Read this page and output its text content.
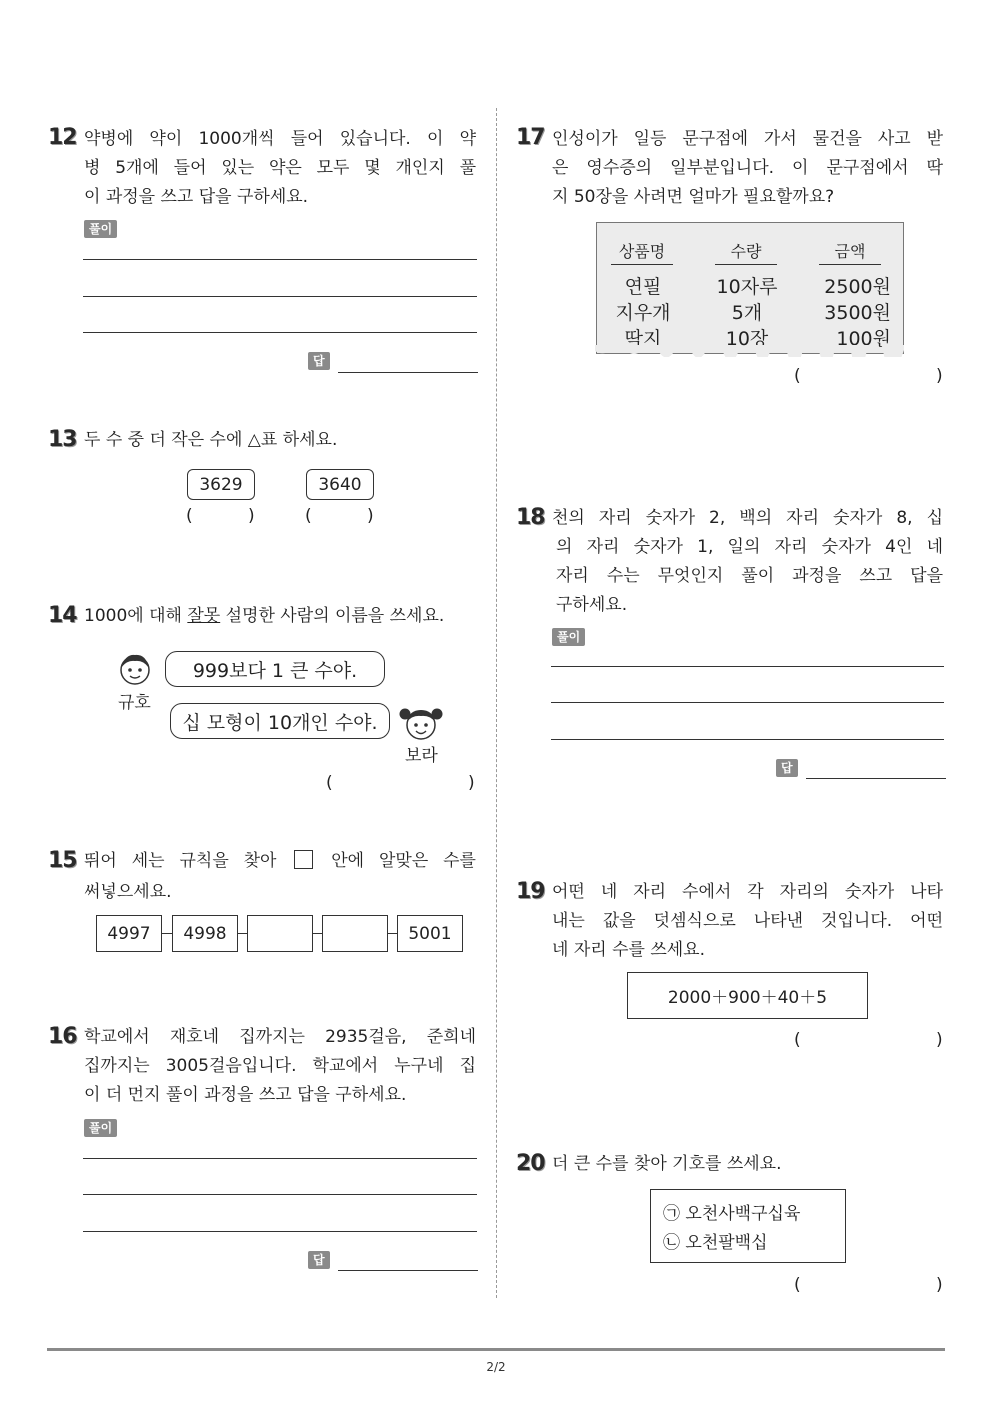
12 약병에 약이 1000개씩 들어 있습니다. 이 약
병 5개에 들어 있는 약은 모두 몇 개인지 풀
이 과정을 쓰고 답을 구하세요.
풀이
답
13 두 수 중 더 작은 수에 △표 하세요.
3629	3640
(	)	(	)
14 1000에 대해 잘못 설명한 사람의 이름을 쓰세요.
규호
999보다 1 큰 수야.
십 모형이 10개인 수야.
보라
(	)
15 뛰어 세는 규칙을 찾아  안에 알맞은 수를
써넣으세요.
4997	4998	5001
16 학교에서 재호네 집까지는 2935걸음, 준희네
집까지는 3005걸음입니다. 학교에서 누구네 집
이 더 먼지 풀이 과정을 쓰고 답을 구하세요.
풀이
답
17 인성이가 일등 문구점에 가서 물건을 사고 받
은 영수증의 일부분입니다. 이 문구점에서 딱
지 50장을 사려면 얼마가 필요할까요?
상품명	수량	금액
연필	10자루	2500원
지우개	5개	3500원
딱지	10장	100원
(	)
18 천의 자리 숫자가 2, 백의 자리 숫자가 8, 십
의 자리 숫자가 1, 일의 자리 숫자가 4인 네
자리 수는 무엇인지 풀이 과정을 쓰고 답을
구하세요.
풀이
답
19 어떤 네 자리 수에서 각 자리의 숫자가 나타
내는 값을 덧셈식으로 나타낸 것입니다. 어떤
네 자리 수를 쓰세요.
2000＋900＋40＋5
(	)
20 더 큰 수를 찾아 기호를 쓰세요.
㉠ 오천사백구십육
㉡ 오천팔백십
(	)
2/2
